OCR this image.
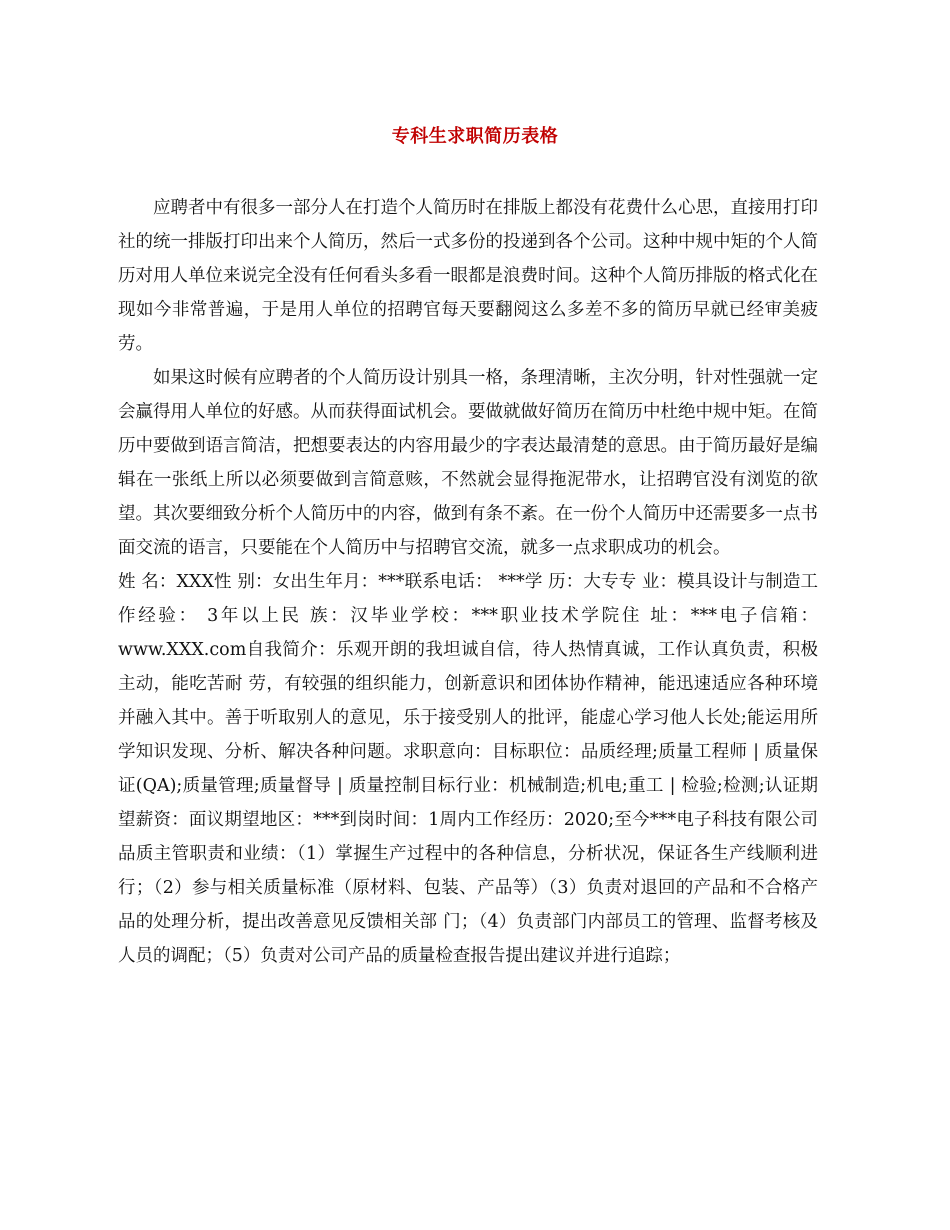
专科生求职简历表格

应聘者中有很多一部分人在打造个人简历时在排版上都没有花费什么心思，直接用打印社的统一排版打印出来个人简历，然后一式多份的投递到各个公司。这种中规中矩的个人简历对用人单位来说完全没有任何看头多看一眼都是浪费时间。这种个人简历排版的格式化在现如今非常普遍，于是用人单位的招聘官每天要翻阅这么多差不多的简历早就已经审美疲劳。

如果这时候有应聘者的个人简历设计别具一格，条理清晰，主次分明，针对性强就一定会赢得用人单位的好感。从而获得面试机会。要做就做好简历在简历中杜绝中规中矩。在简历中要做到语言简洁，把想要表达的内容用最少的字表达最清楚的意思。由于简历最好是编辑在一张纸上所以必须要做到言简意赅，不然就会显得拖泥带水，让招聘官没有浏览的欲望。其次要细致分析个人简历中的内容，做到有条不紊。在一份个人简历中还需要多一点书面交流的语言，只要能在个人简历中与招聘官交流，就多一点求职成功的机会。

姓 名：XXX性 别：女出生年月：***联系电话： ***学 历：大专专 业：模具设计与制造工作经验： 3年以上民 族：汉毕业学校：***职业技术学院住 址：***电子信箱：www.XXX.com自我简介：乐观开朗的我坦诚自信，待人热情真诚，工作认真负责，积极主动，能吃苦耐 劳，有较强的组织能力，创新意识和团体协作精神，能迅速适应各种环境并融入其中。善于听取别人的意见，乐于接受别人的批评，能虚心学习他人长处;能运用所学知识发现、分析、解决各种问题。求职意向：目标职位：品质经理;质量工程师 | 质量保证(QA);质量管理;质量督导 | 质量控制目标行业：机械制造;机电;重工 | 检验;检测;认证期望薪资：面议期望地区：***到岗时间：1周内工作经历：2020;至今***电子科技有限公司 品质主管职责和业绩：（1）掌握生产过程中的各种信息，分析状况，保证各生产线顺利进行；（2）参与相关质量标准（原材料、包装、产品等）（3）负责对退回的产品和不合格产品的处理分析，提出改善意见反馈相关部 门；（4）负责部门内部员工的管理、监督考核及人员的调配；（5）负责对公司产品的质量检查报告提出建议并进行追踪；
